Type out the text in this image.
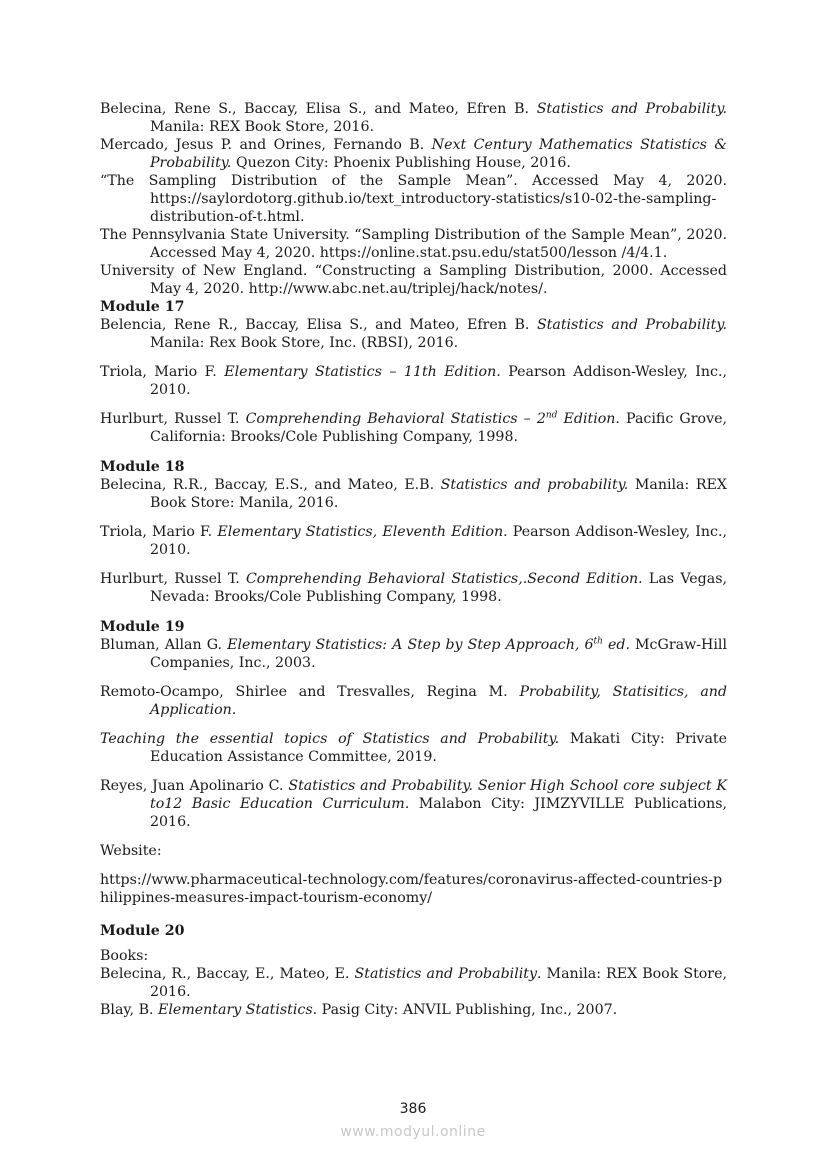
Belecina, Rene S., Baccay, Elisa S., and Mateo, Efren B. Statistics and Probability. Manila: REX Book Store, 2016.

Mercado, Jesus P. and Orines, Fernando B. Next Century Mathematics Statistics & Probability. Quezon City: Phoenix Publishing House, 2016.

“The Sampling Distribution of the Sample Mean”. Accessed May 4, 2020. https://saylordotorg.github.io/text_introductory-statistics/s10-02-the-sampling-distribution-of-t.html.

The Pennsylvania State University. “Sampling Distribution of the Sample Mean”, 2020. Accessed May 4, 2020. https://online.stat.psu.edu/stat500/lesson /4/4.1.

University of New England. “Constructing a Sampling Distribution, 2000. Accessed May 4, 2020. http://www.abc.net.au/triplej/hack/notes/.

Module 17

Belencia, Rene R., Baccay, Elisa S., and Mateo, Efren B. Statistics and Probability. Manila: Rex Book Store, Inc. (RBSI), 2016.

Triola, Mario F. Elementary Statistics – 11th Edition. Pearson Addison-Wesley, Inc., 2010.

Hurlburt, Russel T. Comprehending Behavioral Statistics – 2nd Edition. Pacific Grove, California: Brooks/Cole Publishing Company, 1998.

Module 18

Belecina, R.R., Baccay, E.S., and Mateo, E.B. Statistics and probability. Manila: REX Book Store: Manila, 2016.

Triola, Mario F. Elementary Statistics, Eleventh Edition. Pearson Addison-Wesley, Inc., 2010.

Hurlburt, Russel T. Comprehending Behavioral Statistics,.Second Edition. Las Vegas, Nevada: Brooks/Cole Publishing Company, 1998.

Module 19

Bluman, Allan G. Elementary Statistics: A Step by Step Approach, 6th ed. McGraw-Hill Companies, Inc., 2003.

Remoto-Ocampo, Shirlee and Tresvalles, Regina M. Probability, Statisitics, and Application.

Teaching the essential topics of Statistics and Probability. Makati City: Private Education Assistance Committee, 2019.

Reyes, Juan Apolinario C. Statistics and Probability. Senior High School core subject K to12 Basic Education Curriculum. Malabon City: JIMZYVILLE Publications, 2016.

Website:

https://www.pharmaceutical-technology.com/features/coronavirus-affected-countries-philippines-measures-impact-tourism-economy/

Module 20

Books:

Belecina, R., Baccay, E., Mateo, E. Statistics and Probability. Manila: REX Book Store, 2016.

Blay, B. Elementary Statistics. Pasig City: ANVIL Publishing, Inc., 2007.

386
www.modyul.online
